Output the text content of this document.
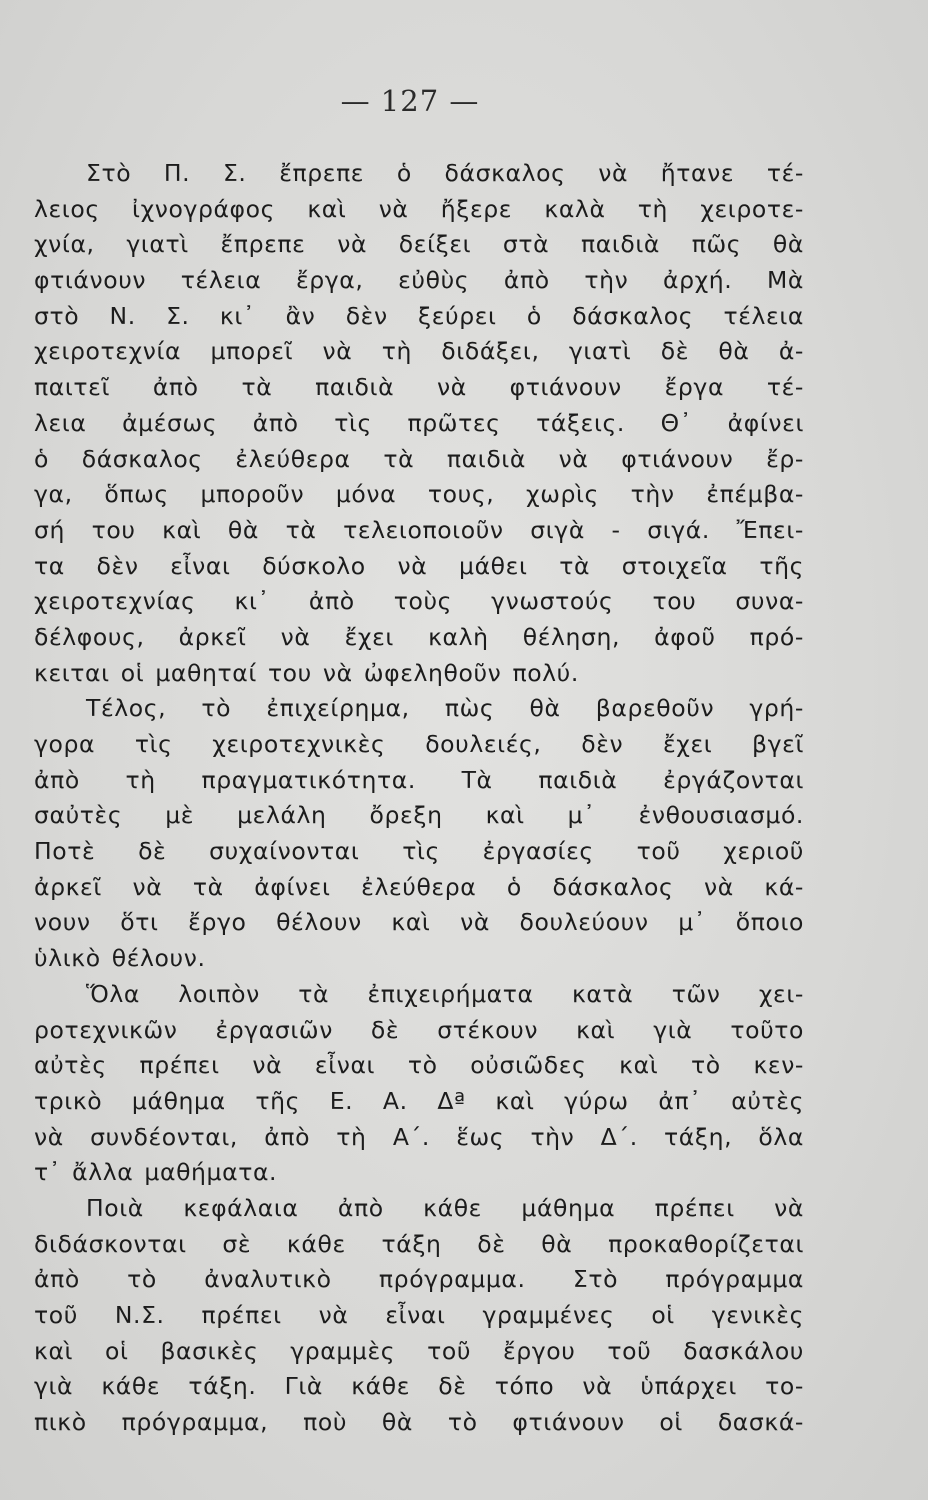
— 127 —
Στὸ Π. Σ. ἔπρεπε ὁ δάσκαλος νὰ ἤτανε τέ-
λειος ἰχνογράφος καὶ νὰ ἤξερε καλὰ τὴ χειροτε-
χνία, γιατὶ ἔπρεπε νὰ δείξει στὰ παιδιὰ πῶς θὰ
φτιάνουν τέλεια ἔργα, εὐθὺς ἀπὸ τὴν ἀρχή. Μὰ
στὸ Ν. Σ. κι᾽ ἂν δὲν ξεύρει ὁ δάσκαλος τέλεια
χειροτεχνία μπορεῖ νὰ τὴ διδάξει, γιατὶ δὲ θὰ ἀ-
παιτεῖ ἀπὸ τὰ παιδιὰ νὰ φτιάνουν ἔργα τέ-
λεια ἀμέσως ἀπὸ τὶς πρῶτες τάξεις. Θ᾽ ἀφίνει
ὁ δάσκαλος ἐλεύθερα τὰ παιδιὰ νὰ φτιάνουν ἔρ-
γα, ὅπως μποροῦν μόνα τους, χωρὶς τὴν ἐπέμβα-
σή του καὶ θὰ τὰ τελειοποιοῦν σιγὰ - σιγά. Ἔπει-
τα δὲν εἶναι δύσκολο νὰ μάθει τὰ στοιχεῖα τῆς
χειροτεχνίας κι᾽ ἀπὸ τοὺς γνωστούς του συνα-
δέλφους, ἀρκεῖ νὰ ἔχει καλὴ θέληση, ἀφοῦ πρό-
κειται οἱ μαθηταί του νὰ ὠφεληθοῦν πολύ.
Τέλος, τὸ ἐπιχείρημα, πὼς θὰ βαρεθοῦν γρή-
γορα τὶς χειροτεχνικὲς δουλειές, δὲν ἔχει βγεῖ
ἀπὸ τὴ πραγματικότητα. Τὰ παιδιὰ ἐργάζονται
σαὐτὲς μὲ μελάλη ὄρεξη καὶ μ᾽ ἐνθουσιασμό.
Ποτὲ δὲ συχαίνονται τὶς ἐργασίες τοῦ χεριοῦ
ἀρκεῖ νὰ τὰ ἀφίνει ἐλεύθερα ὁ δάσκαλος νὰ κά-
νουν ὅτι ἔργο θέλουν καὶ νὰ δουλεύουν μ᾽ ὅποιο
ὑλικὸ θέλουν.
Ὅλα λοιπὸν τὰ ἐπιχειρήματα κατὰ τῶν χει-
ροτεχνικῶν ἐργασιῶν δὲ στέκουν καὶ γιὰ τοῦτο
αὐτὲς πρέπει νὰ εἶναι τὸ οὐσιῶδες καὶ τὸ κεν-
τρικὸ μάθημα τῆς Ε. Α. Δª καὶ γύρω ἀπ᾽ αὐτὲς
νὰ συνδέονται, ἀπὸ τὴ Α΄. ἕως τὴν Δ΄. τάξη, ὅλα
τ᾽ ἄλλα μαθήματα.
Ποιὰ κεφάλαια ἀπὸ κάθε μάθημα πρέπει νὰ
διδάσκονται σὲ κάθε τάξη δὲ θὰ προκαθορίζεται
ἀπὸ τὸ ἀναλυτικὸ πρόγραμμα. Στὸ πρόγραμμα
τοῦ Ν.Σ. πρέπει νὰ εἶναι γραμμένες οἱ γενικὲς
καὶ οἱ βασικὲς γραμμὲς τοῦ ἔργου τοῦ δασκάλου
γιὰ κάθε τάξη. Γιὰ κάθε δὲ τόπο νὰ ὑπάρχει το-
πικὸ πρόγραμμα, ποὺ θὰ τὸ φτιάνουν οἱ δασκά-
